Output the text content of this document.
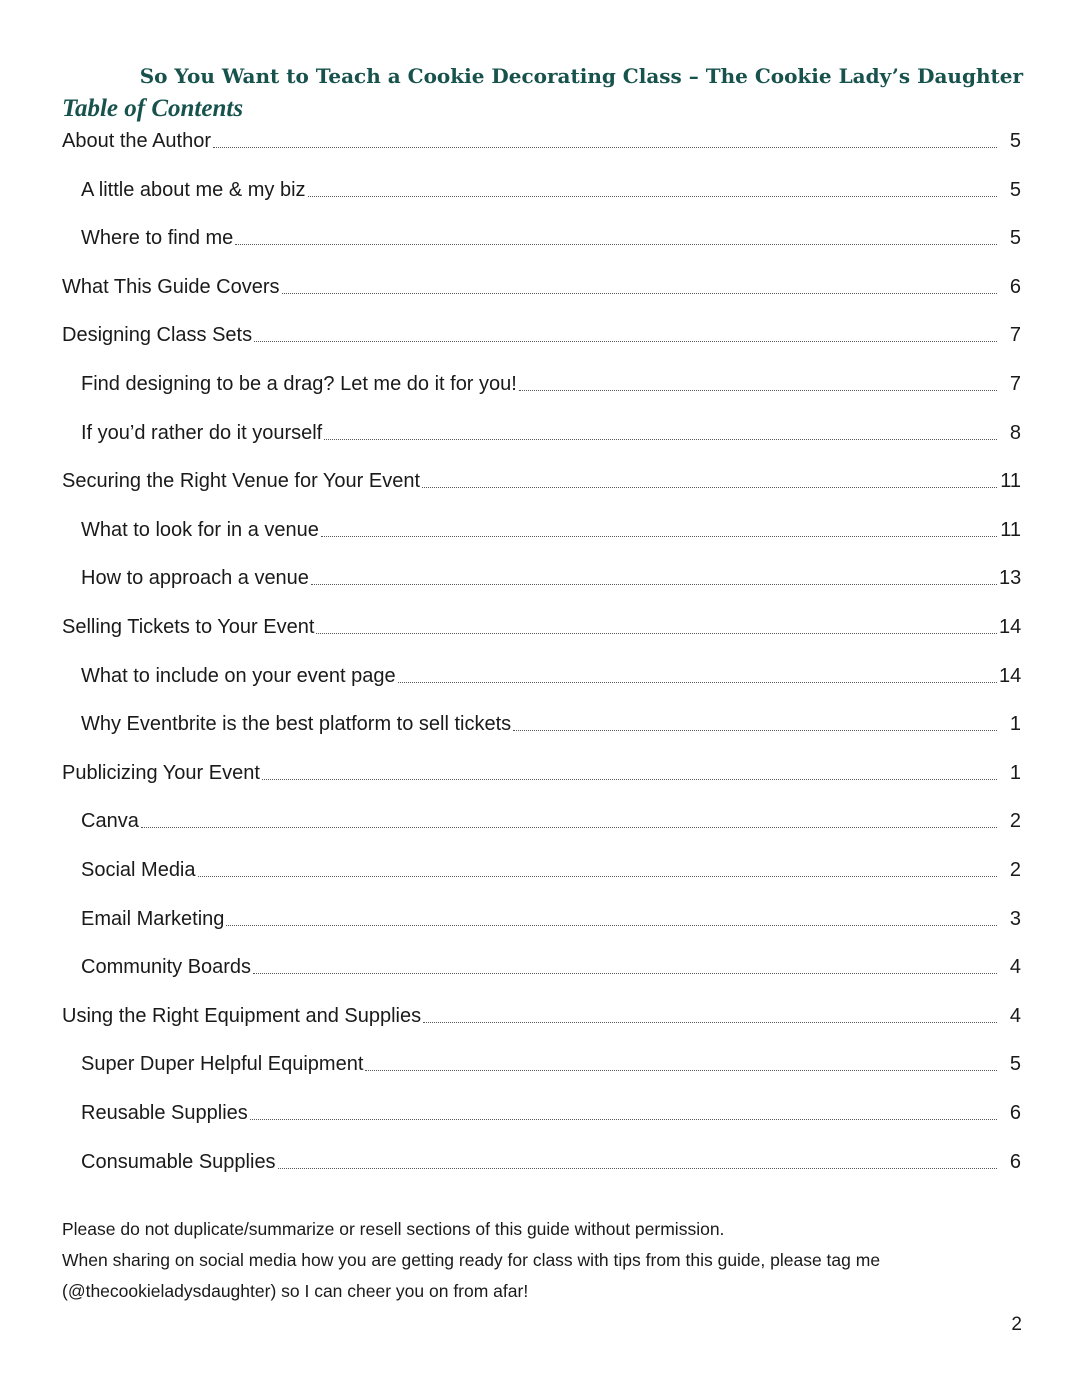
So You Want to Teach a Cookie Decorating Class – The Cookie Lady’s Daughter
Table of Contents
About the Author	5
A little about me & my biz	5
Where to find me	5
What This Guide Covers	6
Designing Class Sets	7
Find designing to be a drag? Let me do it for you!	7
If you’d rather do it yourself	8
Securing the Right Venue for Your Event	11
What to look for in a venue	11
How to approach a venue	13
Selling Tickets to Your Event	14
What to include on your event page	14
Why Eventbrite is the best platform to sell tickets	1
Publicizing Your Event	1
Canva	2
Social Media	2
Email Marketing	3
Community Boards	4
Using the Right Equipment and Supplies	4
Super Duper Helpful Equipment	5
Reusable Supplies	6
Consumable Supplies	6
Please do not duplicate/summarize or resell sections of this guide without permission.
When sharing on social media how you are getting ready for class with tips from this guide, please tag me
(@thecookieladysdaughter) so I can cheer you on from afar!
2
